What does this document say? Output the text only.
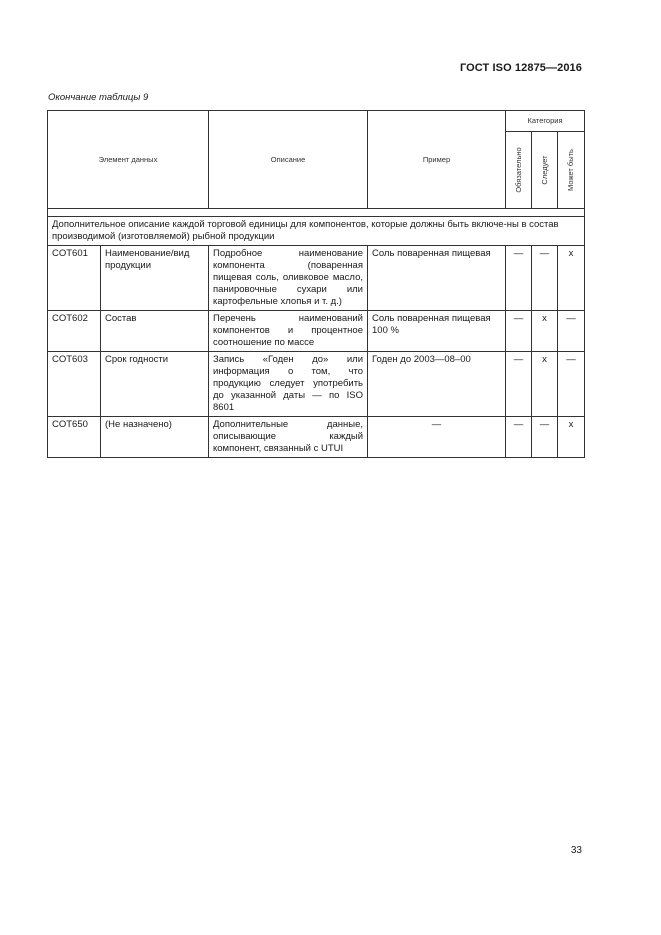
ГОСТ ISO 12875—2016
Окончание таблицы 9
Элемент данных		Описание	Пример	Категория		

				Обязательно	Следует	Может быть

Дополнительное описание каждой торговой единицы для компонентов, которые должны быть включе-ны в состав производимой (изготовляемой) рыбной продукции						
COT601	Наименование/вид продукции	Подробное наименование компонента (поваренная пищевая соль, оливковое масло, панировочные сухари или картофельные хлопья и т. д.)	Соль поваренная пищевая	—	—	x
COT602	Состав	Перечень наименований компонентов и процентное соотношение по массе	Соль поваренная пищевая 100 %	—	x	—
COT603	Срок годности	Запись «Годен до» или информация о том, что продукцию следует употребить до указанной даты — по ISO 8601	Годен до 2003—08–00	—	x	—
COT650	(Не назначено)	Дополнительные данные, описывающие каждый компонент, связанный с UTUI	—	—	—	x
33
